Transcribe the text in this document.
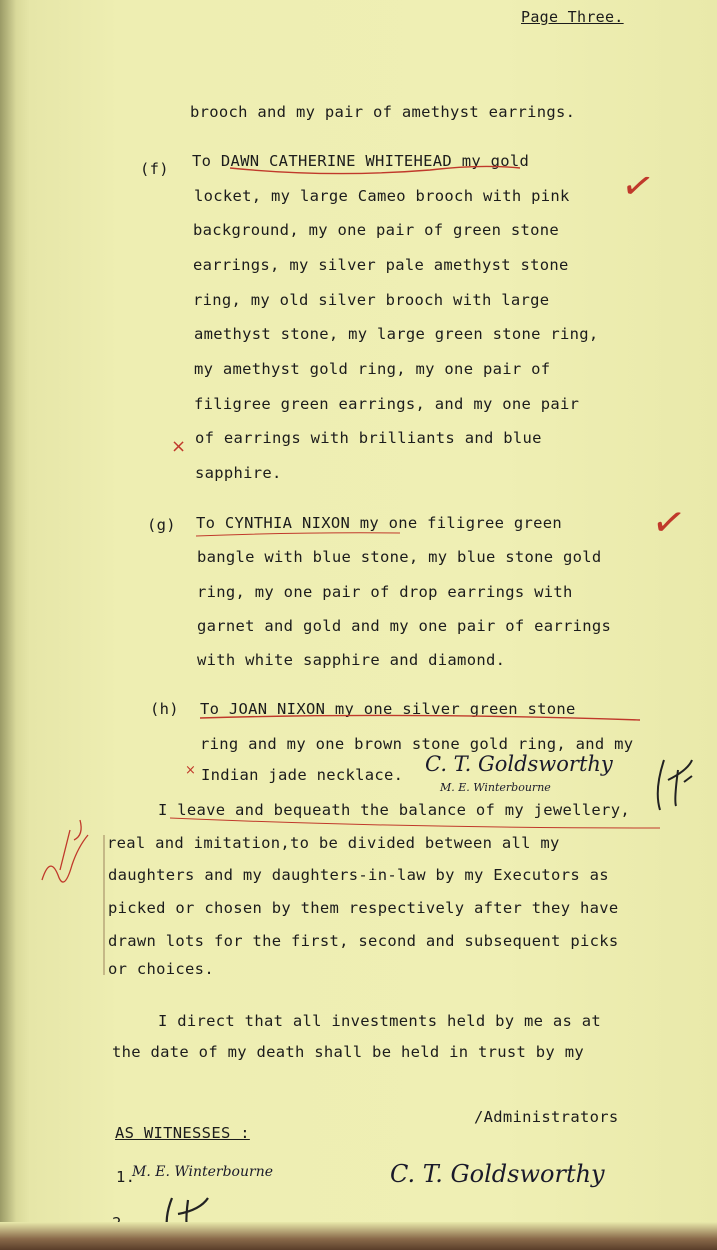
Page Three.
brooch and my pair of amethyst earrings.
(f) To DAWN CATHERINE WHITEHEAD my gold
locket, my large Cameo brooch with pink
background, my one pair of green stone
earrings, my silver pale amethyst stone
ring, my old silver brooch with large
amethyst stone, my large green stone ring,
my amethyst gold ring, my one pair of
filigree green earrings, and my one pair
of earrings with brilliants and blue
sapphire.
(g) To CYNTHIA NIXON my one filigree green
bangle with blue stone, my blue stone gold
ring, my one pair of drop earrings with
garnet and gold and my one pair of earrings
with white sapphire and diamond.
(h) To JOAN NIXON my one silver green stone
ring and my one brown stone gold ring, and my
Indian jade necklace.
I leave and bequeath the balance of my jewellery,
real and imitation,to be divided between all my
daughters and my daughters-in-law by my Executors as
picked or chosen by them respectively after they have
drawn lots for the first, second and subsequent picks
or choices.
I direct that all investments held by me as at
the date of my death shall be held in trust by my
/Administrators
AS WITNESSES :
1.
C. T. Goldsworthy
M. E. Winterbourne
M. E. Winterbourne	C. T. Goldsworthy
✓
✓
×
×
